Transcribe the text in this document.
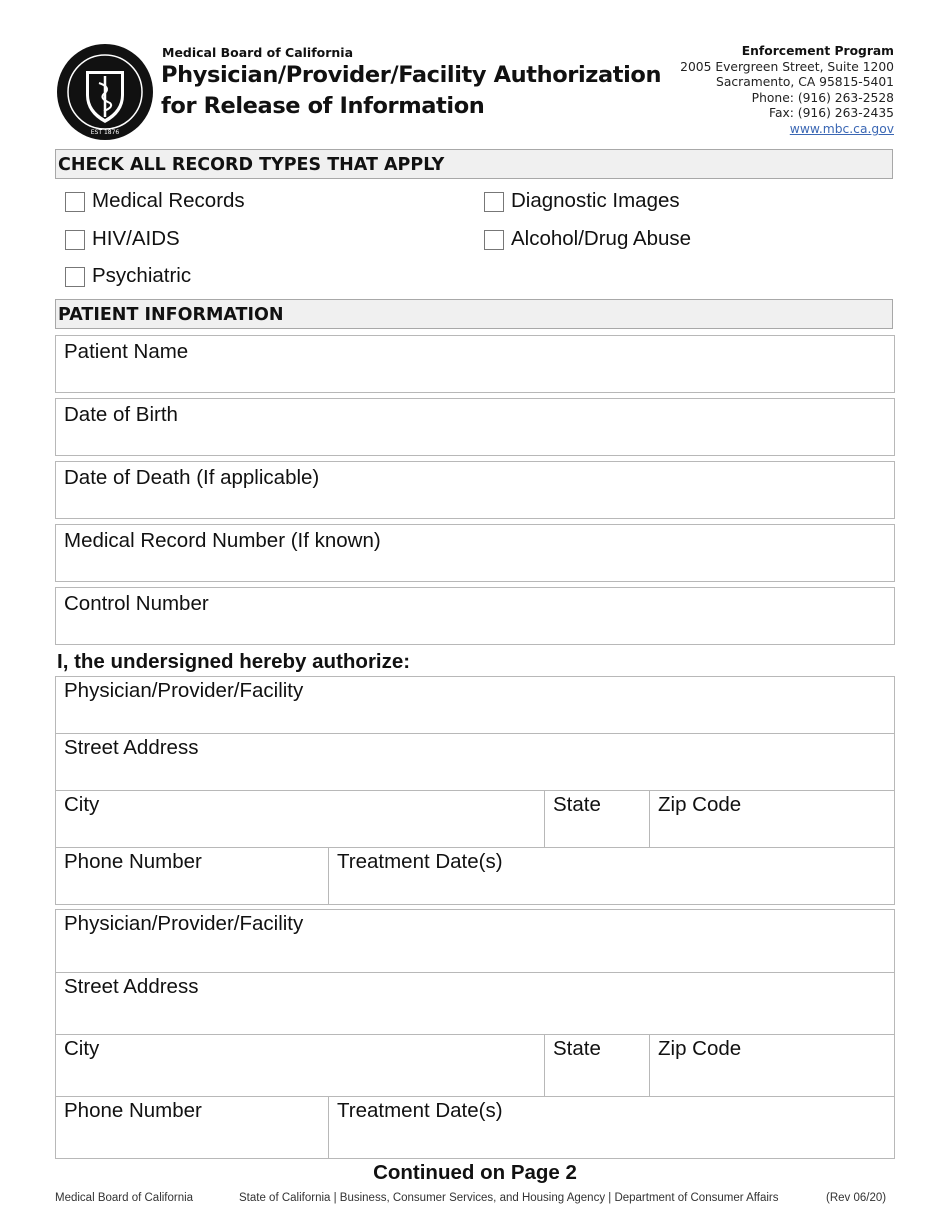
EST 1876
Medical Board of California
Physician/Provider/Facility Authorization
for Release of Information
Enforcement Program
2005 Evergreen Street, Suite 1200
Sacramento, CA 95815-5401
Phone: (916) 263-2528
Fax: (916) 263-2435
www.mbc.ca.gov
CHECK ALL RECORD TYPES THAT APPLY
Medical Records	Diagnostic Images
HIV/AIDS	Alcohol/Drug Abuse
Psychiatric
PATIENT INFORMATION
Patient Name
Date of Birth
Date of Death (If applicable)
Medical Record Number (If known)
Control Number
I, the undersigned hereby authorize:
Physician/Provider/Facility
Street Address
City	State	Zip Code
Phone Number	Treatment Date(s)
Physician/Provider/Facility
Street Address
City	State	Zip Code
Phone Number	Treatment Date(s)
Continued on Page 2
Medical Board of California	State of California | Business, Consumer Services, and Housing Agency | Department of Consumer Affairs	(Rev 06/20)
